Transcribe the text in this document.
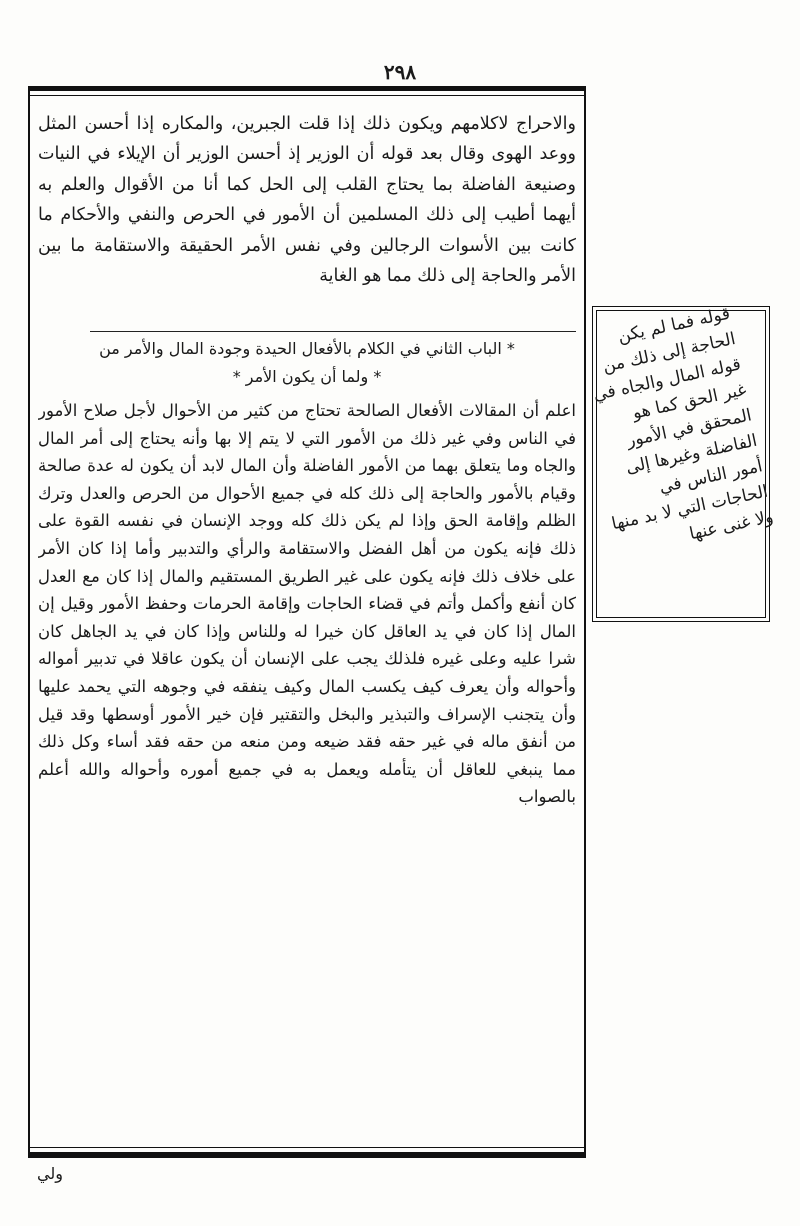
٢٩٨
والاحراج لاكلامهم ويكون ذلك إذا قلت الجبرين، والمكاره إذا أحسن المثل ووعد الهوى وقال بعد قوله أن الوزير إذ أحسن الوزير أن الإيلاء في النيات وصنيعة الفاضلة بما يحتاج القلب إلى الحل كما أنا من الأقوال والعلم به أيهما أطيب إلى ذلك المسلمين أن الأمور في الحرص والنفي والأحكام ما كانت بين الأسوات الرجالين وفي نفس الأمر الحقيقة والاستقامة ما بين الأمر والحاجة إلى ذلك مما هو الغاية
* الباب الثاني في الكلام بالأفعال الحيدة وجودة المال والأمر من
* ولما أن يكون الأمر *
اعلم أن المقالات الأفعال الصالحة تحتاج من كثير من الأحوال لأجل صلاح الأمور في الناس وفي غير ذلك من الأمور التي لا يتم إلا بها وأنه يحتاج إلى أمر المال والجاه وما يتعلق بهما من الأمور الفاضلة وأن المال لابد أن يكون له عدة صالحة وقيام بالأمور والحاجة إلى ذلك كله في جميع الأحوال من الحرص والعدل وترك الظلم وإقامة الحق وإذا لم يكن ذلك كله ووجد الإنسان في نفسه القوة على ذلك فإنه يكون من أهل الفضل والاستقامة والرأي والتدبير وأما إذا كان الأمر على خلاف ذلك فإنه يكون على غير الطريق المستقيم والمال إذا كان مع العدل كان أنفع وأكمل وأتم في قضاء الحاجات وإقامة الحرمات وحفظ الأمور وقيل إن المال إذا كان في يد العاقل كان خيرا له وللناس وإذا كان في يد الجاهل كان شرا عليه وعلى غيره فلذلك يجب على الإنسان أن يكون عاقلا في تدبير أمواله وأحواله وأن يعرف كيف يكسب المال وكيف ينفقه في وجوهه التي يحمد عليها وأن يتجنب الإسراف والتبذير والبخل والتقتير فإن خير الأمور أوسطها وقد قيل من أنفق ماله في غير حقه فقد ضيعه ومن منعه من حقه فقد أساء وكل ذلك مما ينبغي للعاقل أن يتأمله ويعمل به في جميع أموره وأحواله والله أعلم بالصواب
قوله فما لم يكن الحاجة إلى ذلك من قوله المال والجاه في غير الحق كما هو المحقق في الأمور الفاضلة وغيرها إلى أمور الناس في الحاجات التي لا بد منها ولا غنى عنها
ولي
